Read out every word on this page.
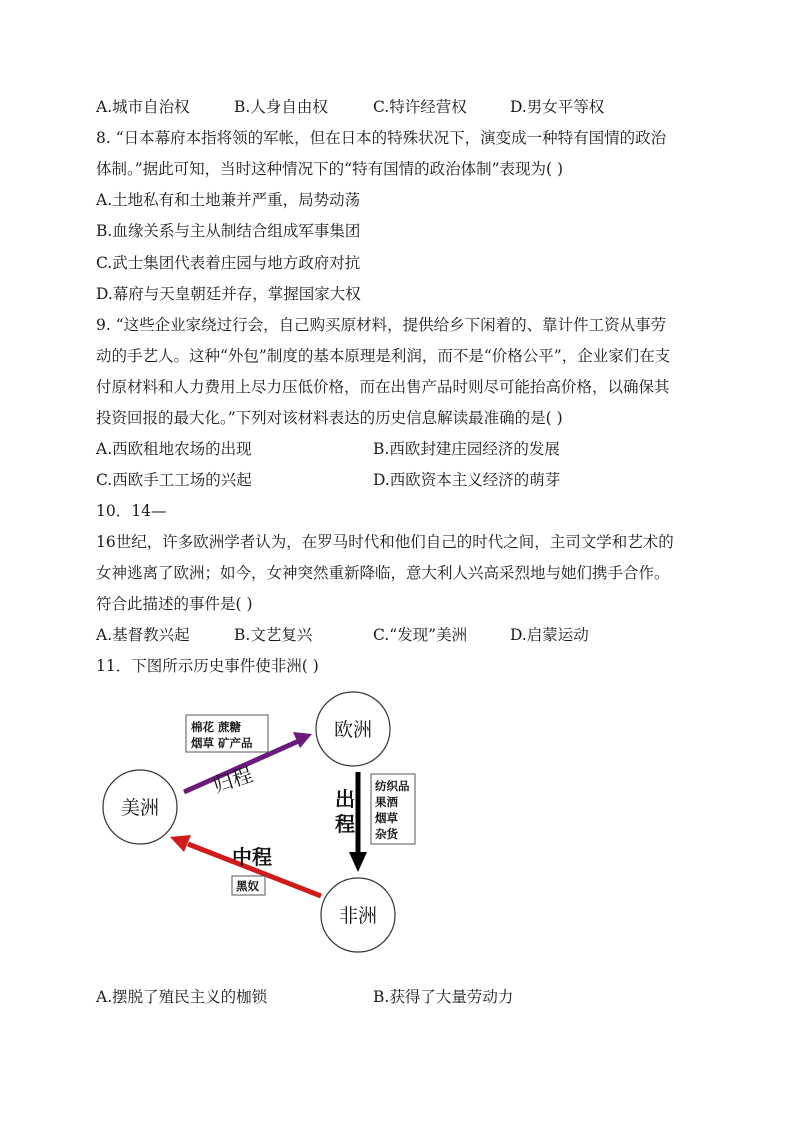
A.城市自治权	B.人身自由权	C.特许经营权	D.男女平等权
8. “日本幕府本指将领的军帐，但在日本的特殊状况下，演变成一种特有国情的政治
体制。”据此可知，当时这种情况下的“特有国情的政治体制”表现为( )
A.土地私有和土地兼并严重，局势动荡
B.血缘关系与主从制结合组成军事集团
C.武士集团代表着庄园与地方政府对抗
D.幕府与天皇朝廷并存，掌握国家大权
9. “这些企业家绕过行会，自己购买原材料，提供给乡下闲着的、靠计件工资从事劳
动的手艺人。这种“外包”制度的基本原理是利润，而不是“价格公平”，企业家们在支
付原材料和人力费用上尽力压低价格，而在出售产品时则尽可能抬高价格，以确保其
投资回报的最大化。”下列对该材料表达的历史信息解读最准确的是( )
A.西欧租地农场的出现	B.西欧封建庄园经济的发展
C.西欧手工工场的兴起	D.西欧资本主义经济的萌芽
10．14—
16世纪，许多欧洲学者认为，在罗马时代和他们自己的时代之间，主司文学和艺术的
女神逃离了欧洲；如今，女神突然重新降临，意大利人兴高采烈地与她们携手合作。
符合此描述的事件是( )
A.基督教兴起	B.文艺复兴	C.“发现”美洲	D.启蒙运动
11．下图所示历史事件使非洲( )
欧洲
美洲
非洲
归程
棉花 蔗糖
烟草 矿产品
出
程
纺织品
果酒
烟草
杂货
中程
黑奴
A.摆脱了殖民主义的枷锁	B.获得了大量劳动力
